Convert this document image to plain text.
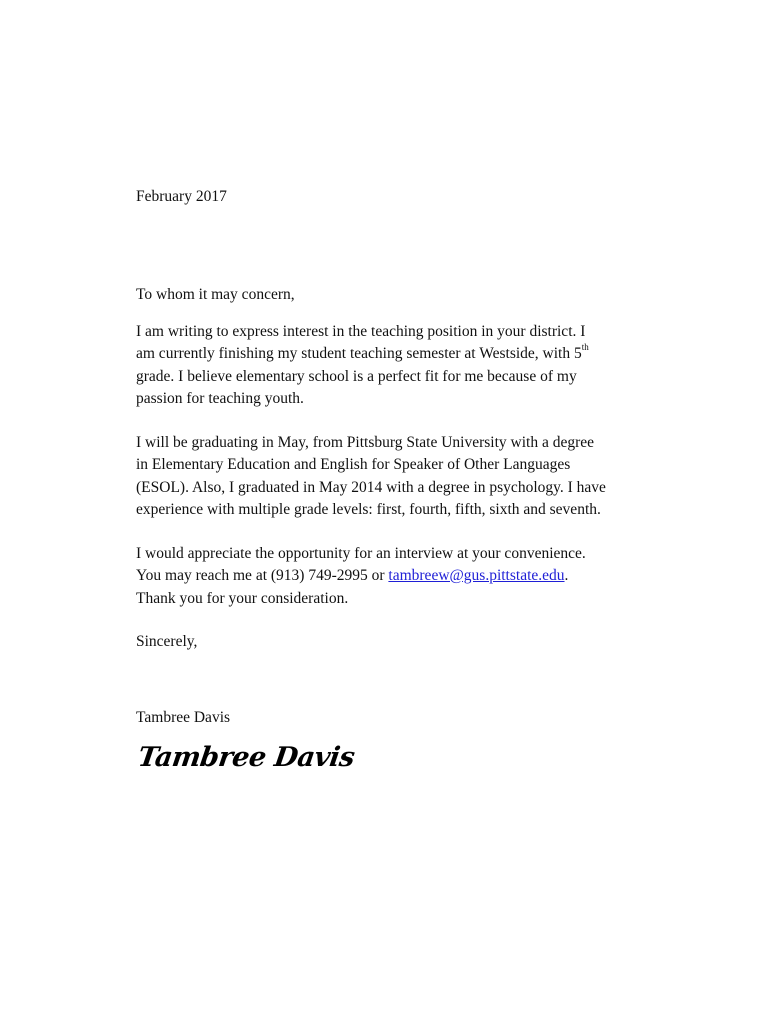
February 2017
To whom it may concern,
I am writing to express interest in the teaching position in your district. I
am currently finishing my student teaching semester at Westside, with 5th
grade. I believe elementary school is a perfect fit for me because of my
passion for teaching youth.
I will be graduating in May, from Pittsburg State University with a degree
in Elementary Education and English for Speaker of Other Languages
(ESOL). Also, I graduated in May 2014 with a degree in psychology. I have
experience with multiple grade levels: first, fourth, fifth, sixth and seventh.
I would appreciate the opportunity for an interview at your convenience.
You may reach me at (913) 749-2995 or tambreew@gus.pittstate.edu.
Thank you for your consideration.
Sincerely,
Tambree Davis
Tambree Davis
